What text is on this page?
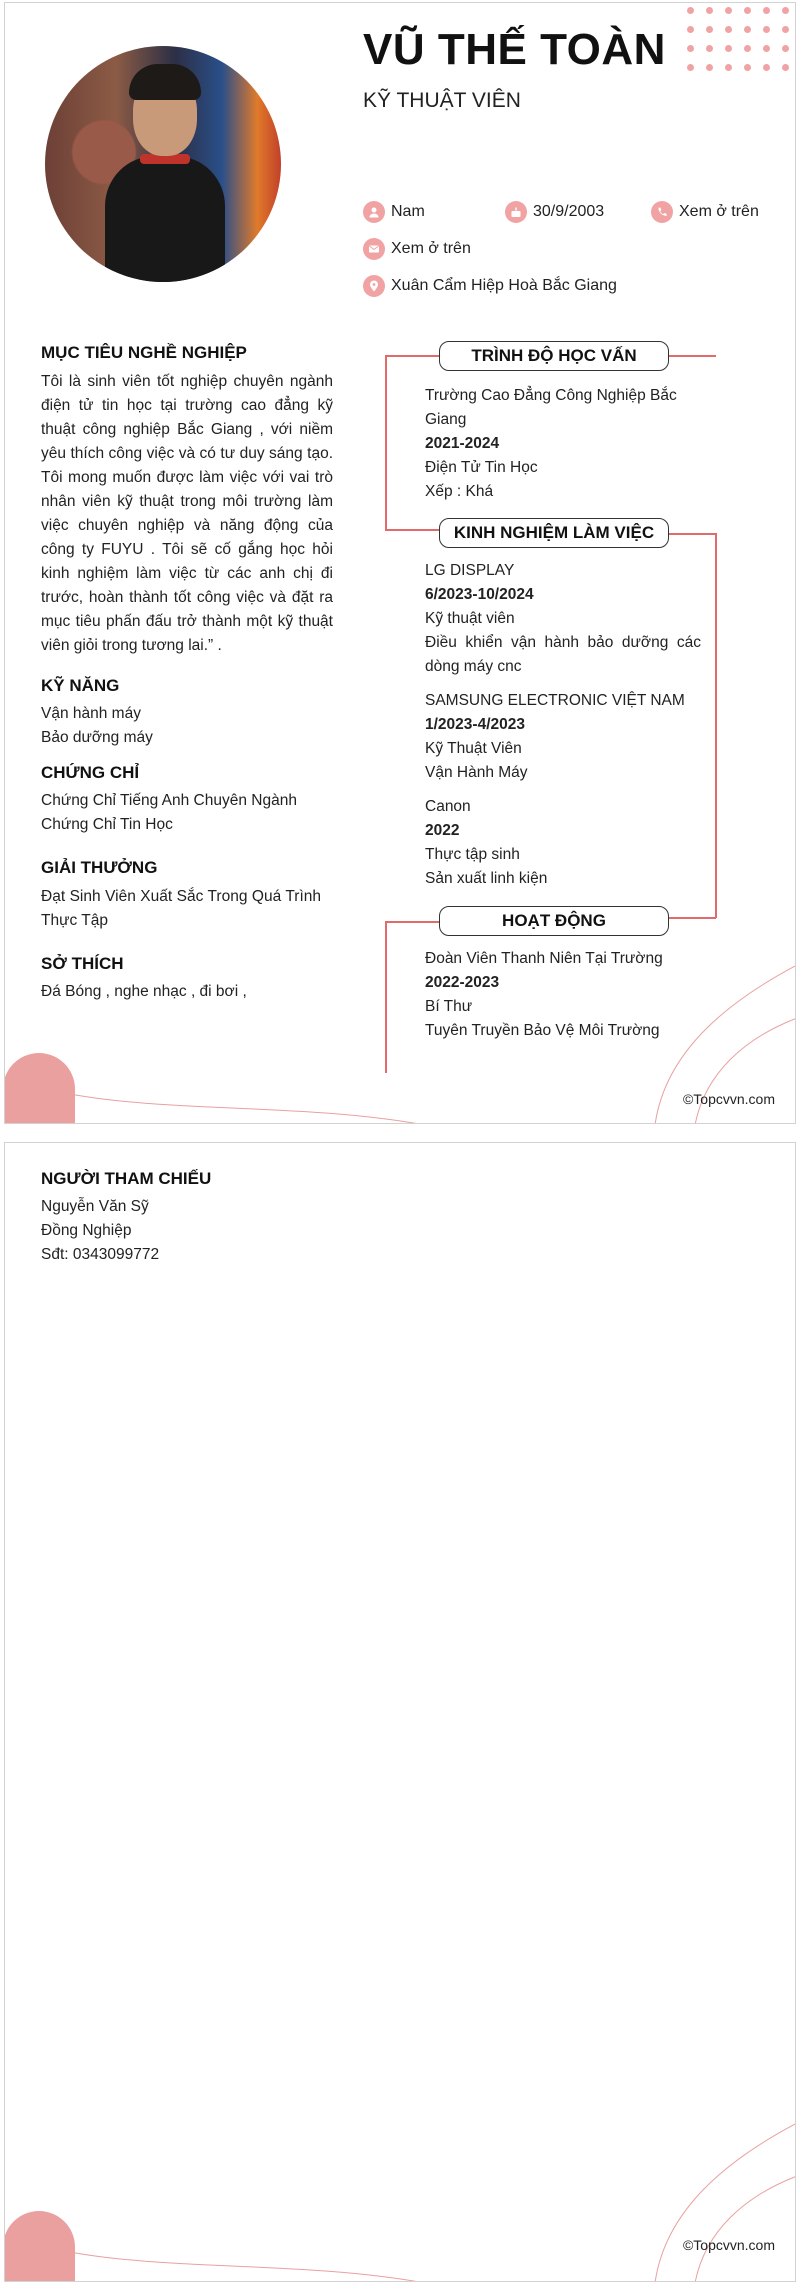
VŨ THẾ TOÀN
KỸ THUẬT VIÊN
Nam	30/9/2003	Xem ở trên
Xem ở trên
Xuân Cẩm Hiệp Hoà Bắc Giang
MỤC TIÊU NGHỀ NGHIỆP

Tôi là sinh viên tốt nghiệp chuyên ngành điện tử tin học tại trường cao đẳng kỹ thuật công nghiệp Bắc Giang , với niềm yêu thích công việc và có tư duy sáng tạo. Tôi mong muốn được làm việc với vai trò nhân viên kỹ thuật trong môi trường làm việc chuyên nghiệp và năng động của công ty FUYU . Tôi sẽ cố gắng học hỏi kinh nghiệm làm việc từ các anh chị đi trước, hoàn thành tốt công việc và đặt ra mục tiêu phấn đấu trở thành một kỹ thuật viên giỏi trong tương lai.” .

KỸ NĂNG
Vận hành máy
Bảo dưỡng máy
CHỨNG CHỈ
Chứng Chỉ Tiếng Anh Chuyên Ngành
Chứng Chỉ Tin Học
GIẢI THƯỞNG

Đạt Sinh Viên Xuất Sắc Trong Quá Trình Thực Tập

SỞ THÍCH

Đá Bóng , nghe nhạc , đi bơi ,

TRÌNH ĐỘ HỌC VẤN

Trường Cao Đẳng Công Nghiệp Bắc Giang

2021-2024

Điện Tử Tin Học

Xếp : Khá

KINH NGHIỆM LÀM VIỆC

LG DISPLAY

6/2023-10/2024

Kỹ thuật viên

Điều khiển vận hành bảo dưỡng các dòng máy cnc

SAMSUNG ELECTRONIC VIỆT NAM

1/2023-4/2023

Kỹ Thuật Viên

Vận Hành Máy

Canon

2022

Thực tập sinh

Sản xuất linh kiện

HOẠT ĐỘNG

Đoàn Viên Thanh Niên Tại Trường

2022-2023

Bí Thư

Tuyên Truyền Bảo Vệ Môi Trường

©Topcvvn.com
NGƯỜI THAM CHIẾU
Nguyễn Văn Sỹ
Đồng Nghiệp
Sđt: 0343099772
©Topcvvn.com
